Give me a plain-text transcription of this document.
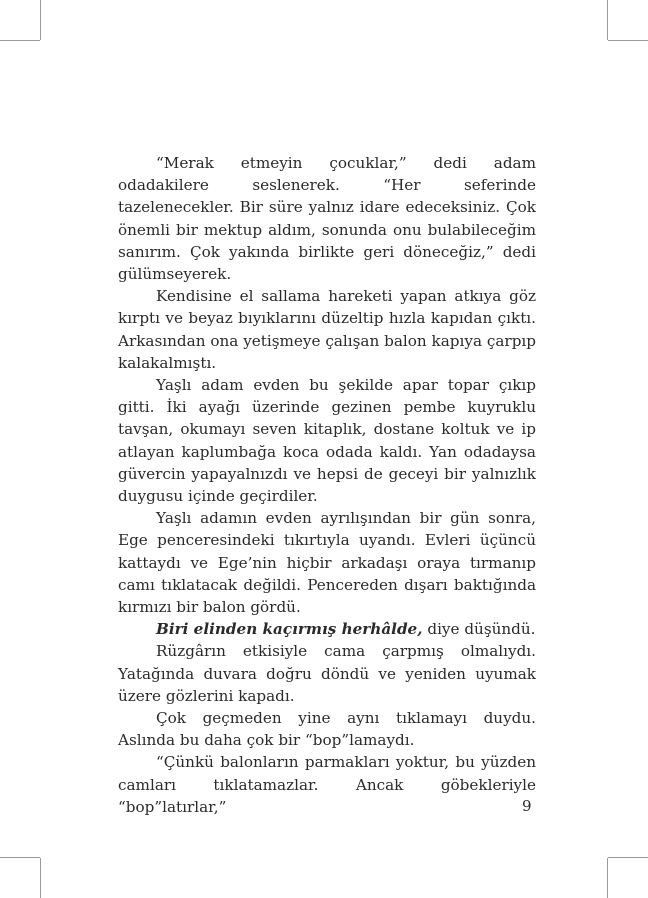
“Merak etmeyin çocuklar,” dedi adam odadakilere seslenerek. “Her seferinde tazelenecekler. Bir süre yalnız idare edeceksiniz. Çok önemli bir mektup aldım, sonunda onu bulabileceğim sanırım. Çok yakında birlikte geri döneceğiz,” dedi gülümseyerek.

Kendisine el sallama hareketi yapan atkıya göz kırptı ve beyaz bıyıklarını düzeltip hızla kapıdan çıktı. Arkasından ona yetişmeye çalışan balon kapıya çarpıp kalakalmıştı.

Yaşlı adam evden bu şekilde apar topar çıkıp gitti. İki ayağı üzerinde gezinen pembe kuyruklu tavşan, okumayı seven kitaplık, dostane koltuk ve ip atlayan kaplumbağa koca odada kaldı. Yan odadaysa güvercin yapayalnızdı ve hepsi de geceyi bir yalnızlık duygusu içinde geçirdiler.

Yaşlı adamın evden ayrılışından bir gün sonra, Ege penceresindeki tıkırtıyla uyandı. Evleri üçüncü kattaydı ve Ege’nin hiçbir arkadaşı oraya tırmanıp camı tıklatacak değildi. Pencereden dışarı baktığında kırmızı bir balon gördü.

Biri elinden kaçırmış herhâlde, diye düşündü.

Rüzgârın etkisiyle cama çarpmış olmalıydı. Yatağında duvara doğru döndü ve yeniden uyumak üzere gözlerini kapadı.

Çok geçmeden yine aynı tıklamayı duydu. Aslında bu daha çok bir “bop”lamaydı.

“Çünkü balonların parmakları yoktur, bu yüzden camları tıklatamazlar. Ancak göbekleriyle “bop”latırlar,”	9
